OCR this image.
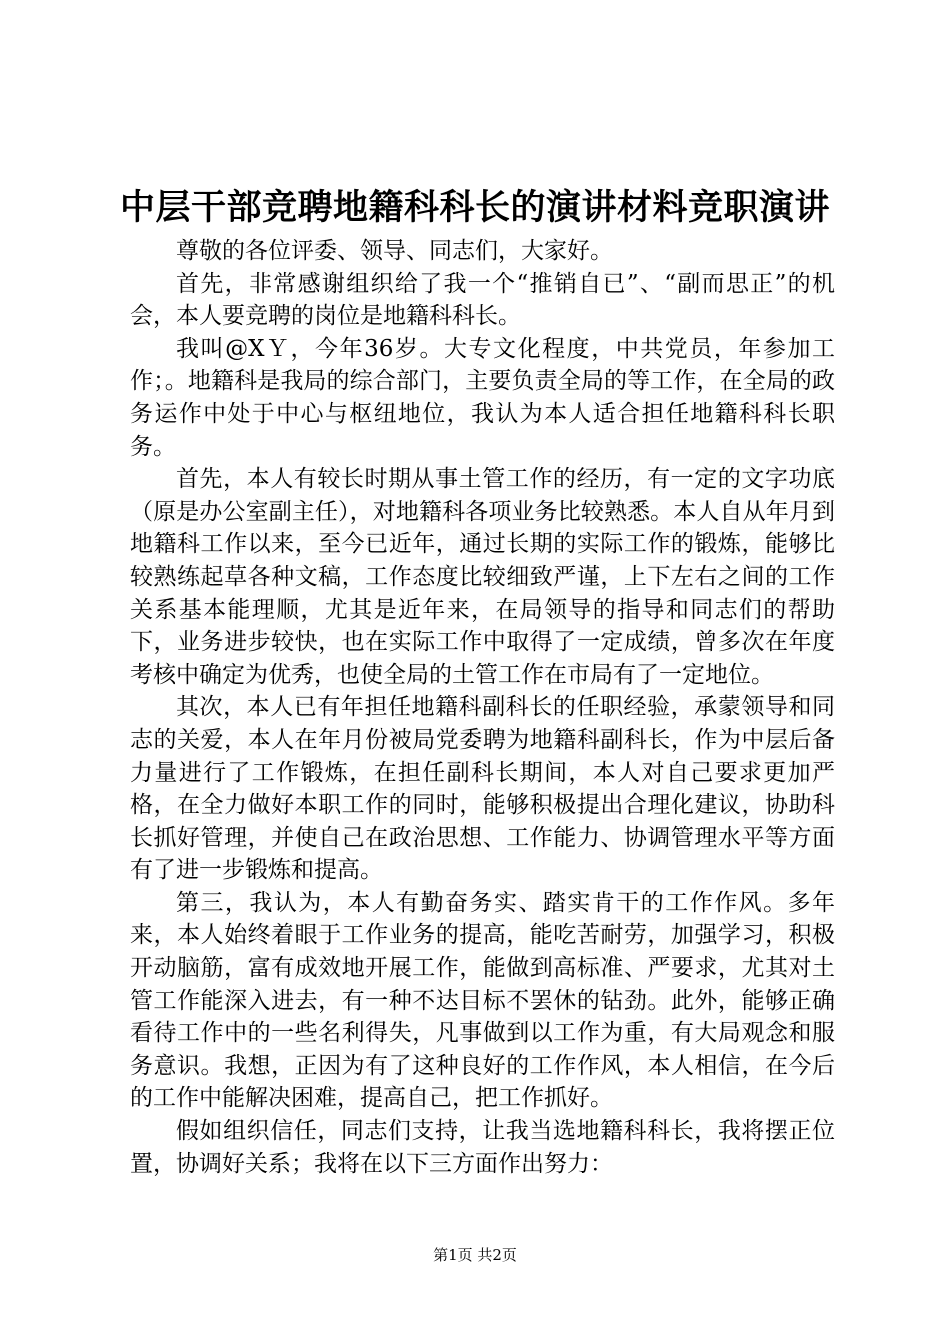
中层干部竞聘地籍科科长的演讲材料竞职演讲

尊敬的各位评委、领导、同志们，大家好。

首先，非常感谢组织给了我一个“推销自已”、“副而思正”的机会，本人要竞聘的岗位是地籍科科长。

我叫@XＹ，今年36岁。大专文化程度，中共党员，年参加工作；。地籍科是我局的综合部门，主要负责全局的等工作，在全局的政务运作中处于中心与枢纽地位，我认为本人适合担任地籍科科长职务。

首先，本人有较长时期从事土管工作的经历，有一定的文字功底（原是办公室副主任），对地籍科各项业务比较熟悉。本人自从年月到地籍科工作以来，至今已近年，通过长期的实际工作的锻炼，能够比较熟练起草各种文稿，工作态度比较细致严谨，上下左右之间的工作关系基本能理顺，尤其是近年来，在局领导的指导和同志们的帮助下，业务进步较快，也在实际工作中取得了一定成绩，曾多次在年度考核中确定为优秀，也使全局的土管工作在市局有了一定地位。

其次，本人已有年担任地籍科副科长的任职经验，承蒙领导和同志的关爱，本人在年月份被局党委聘为地籍科副科长，作为中层后备力量进行了工作锻炼，在担任副科长期间，本人对自己要求更加严格，在全力做好本职工作的同时，能够积极提出合理化建议，协助科长抓好管理，并使自己在政治思想、工作能力、协调管理水平等方面有了进一步锻炼和提高。

第三，我认为，本人有勤奋务实、踏实肯干的工作作风。多年来，本人始终着眼于工作业务的提高，能吃苦耐劳，加强学习，积极开动脑筋，富有成效地开展工作，能做到高标准、严要求，尤其对土管工作能深入进去，有一种不达目标不罢休的钻劲。此外，能够正确看待工作中的一些名利得失，凡事做到以工作为重，有大局观念和服务意识。我想，正因为有了这种良好的工作作风，本人相信，在今后的工作中能解决困难，提高自己，把工作抓好。

假如组织信任，同志们支持，让我当选地籍科科长，我将摆正位置，协调好关系；我将在以下三方面作出努力：

第1页 共2页
